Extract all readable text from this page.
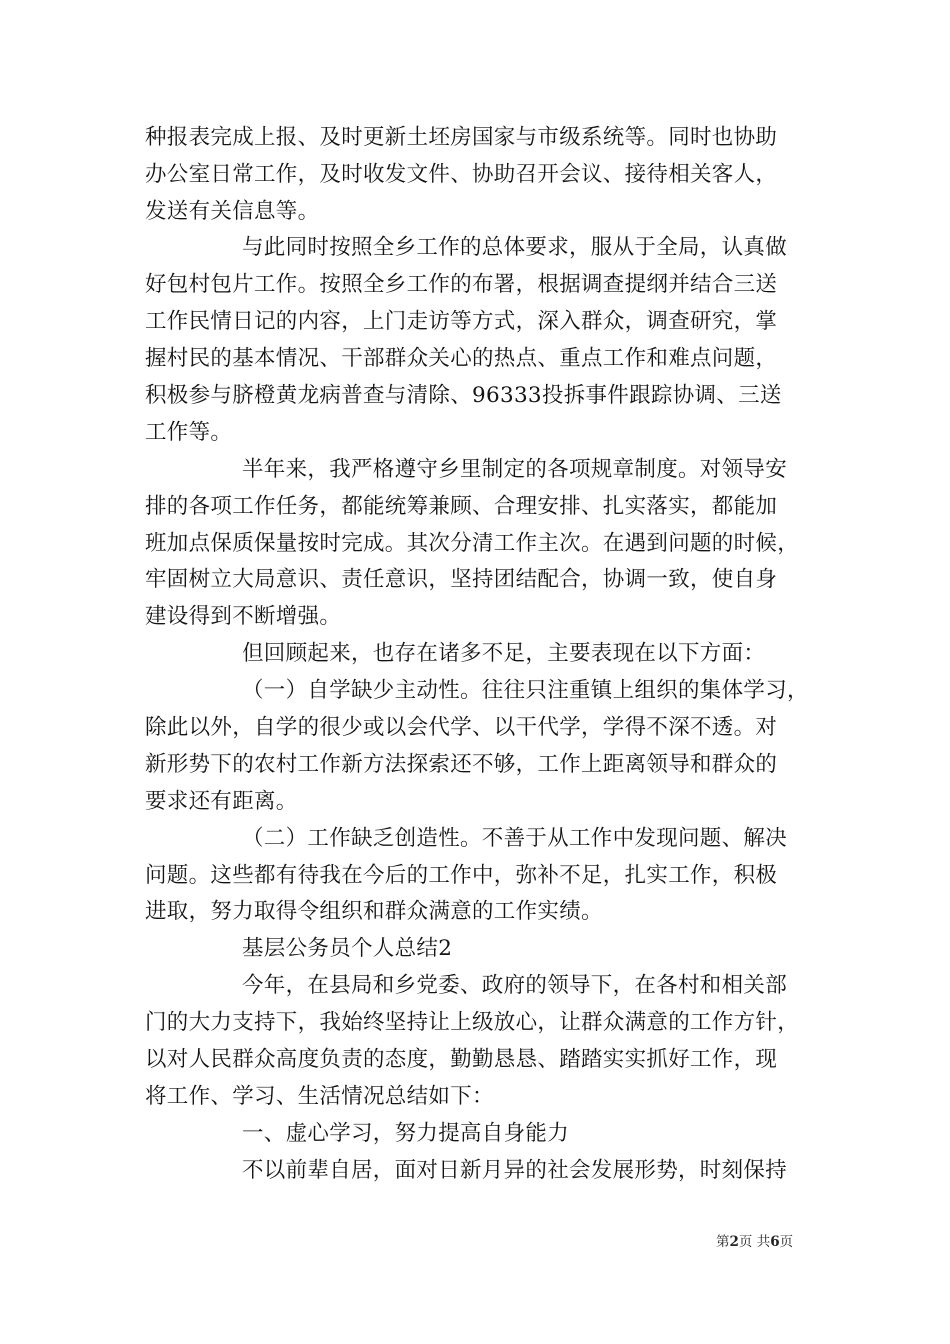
种报表完成上报、及时更新土坯房国家与市级系统等。同时也协助
办公室日常工作，及时收发文件、协助召开会议、接待相关客人，
发送有关信息等。
与此同时按照全乡工作的总体要求，服从于全局，认真做
好包村包片工作。按照全乡工作的布署，根据调查提纲并结合三送
工作民情日记的内容，上门走访等方式，深入群众，调查研究，掌
握村民的基本情况、干部群众关心的热点、重点工作和难点问题，
积极参与脐橙黄龙病普查与清除、96333投拆事件跟踪协调、三送
工作等。
半年来，我严格遵守乡里制定的各项规章制度。对领导安
排的各项工作任务，都能统筹兼顾、合理安排、扎实落实，都能加
班加点保质保量按时完成。其次分清工作主次。在遇到问题的时候，
牢固树立大局意识、责任意识，坚持团结配合，协调一致，使自身
建设得到不断增强。
但回顾起来，也存在诸多不足，主要表现在以下方面：
（一）自学缺少主动性。往往只注重镇上组织的集体学习，
除此以外，自学的很少或以会代学、以干代学，学得不深不透。对
新形势下的农村工作新方法探索还不够，工作上距离领导和群众的
要求还有距离。
（二）工作缺乏创造性。不善于从工作中发现问题、解决
问题。这些都有待我在今后的工作中，弥补不足，扎实工作，积极
进取，努力取得令组织和群众满意的工作实绩。
基层公务员个人总结2
今年，在县局和乡党委、政府的领导下，在各村和相关部
门的大力支持下，我始终坚持让上级放心，让群众满意的工作方针，
以对人民群众高度负责的态度，勤勤恳恳、踏踏实实抓好工作，现
将工作、学习、生活情况总结如下：
一、虚心学习，努力提高自身能力
不以前辈自居，面对日新月异的社会发展形势，时刻保持
第2页 共6页
